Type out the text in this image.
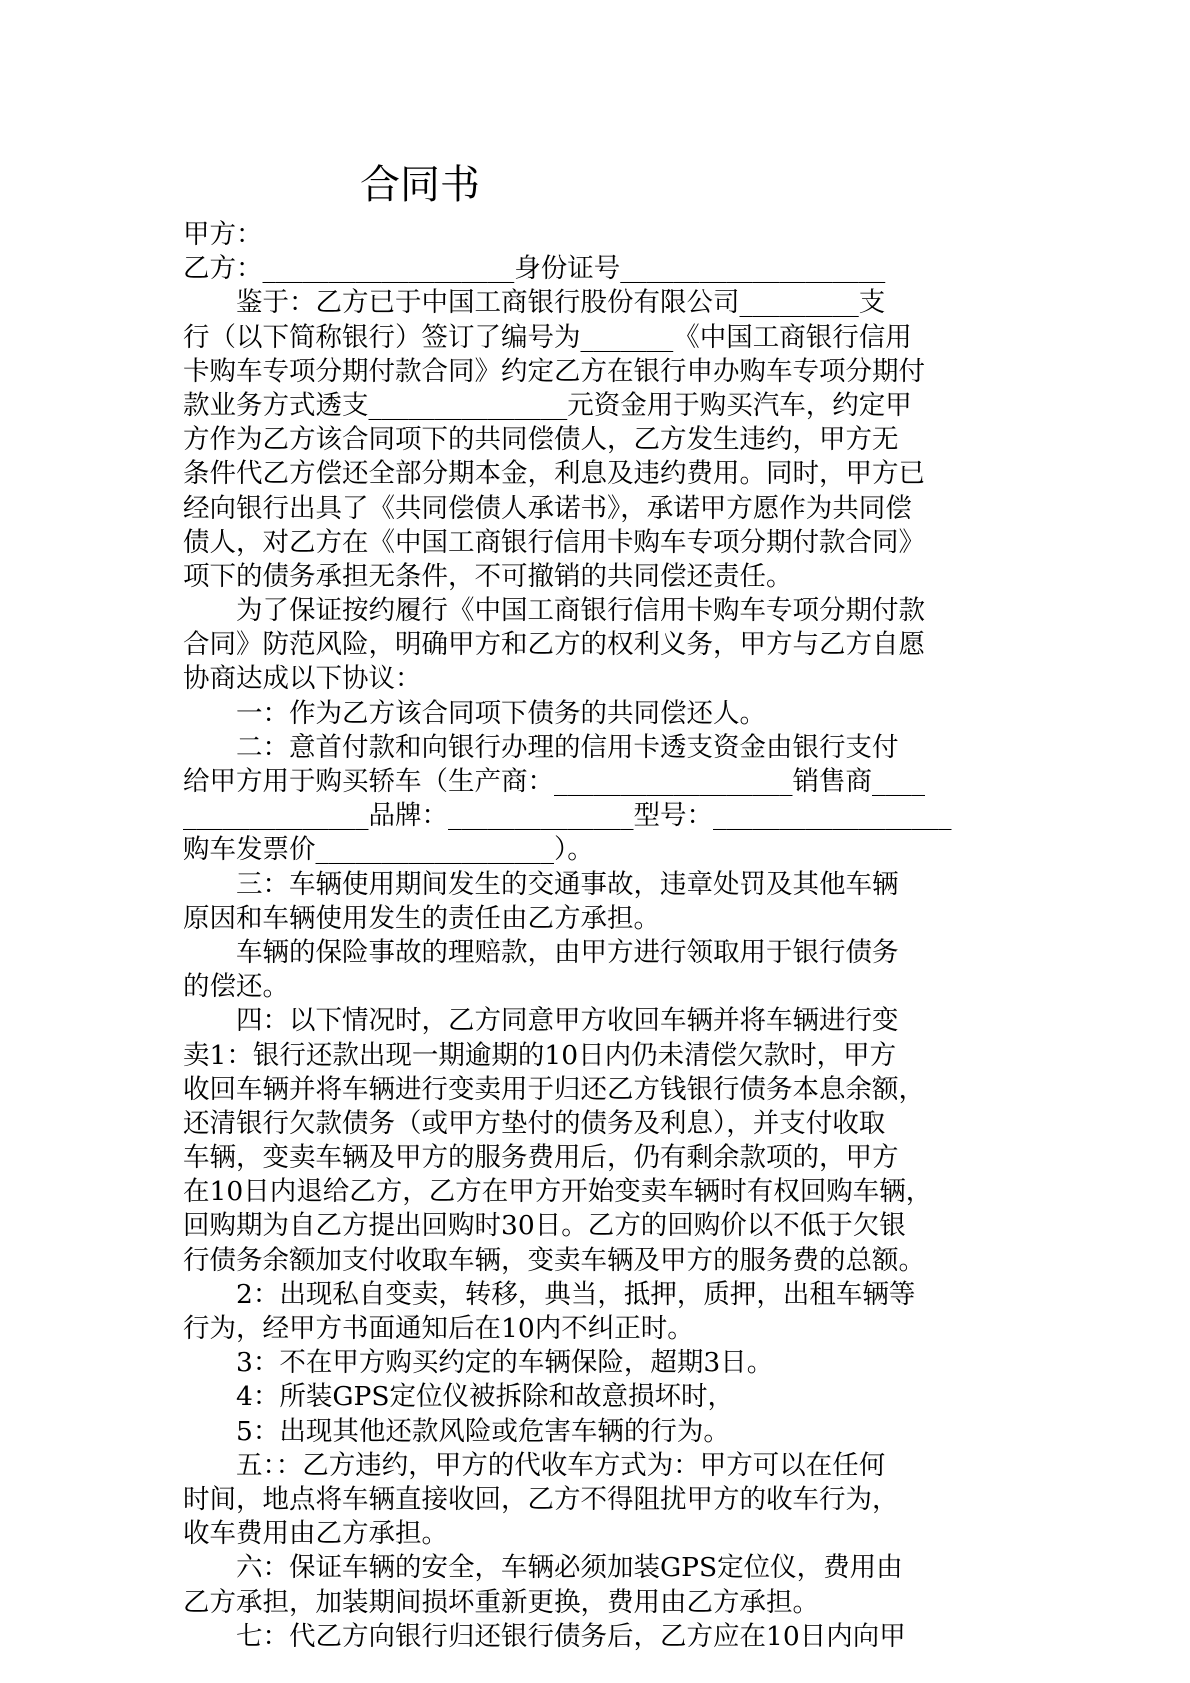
合同书
甲方：
乙方：___________________身份证号____________________
　　鉴于：乙方已于中国工商银行股份有限公司_________支
行（以下简称银行）签订了编号为_______《中国工商银行信用
卡购车专项分期付款合同》约定乙方在银行申办购车专项分期付
款业务方式透支_______________元资金用于购买汽车，约定甲
方作为乙方该合同项下的共同偿债人，乙方发生违约，甲方无
条件代乙方偿还全部分期本金，利息及违约费用。同时，甲方已
经向银行出具了《共同偿债人承诺书》，承诺甲方愿作为共同偿
债人，对乙方在《中国工商银行信用卡购车专项分期付款合同》
项下的债务承担无条件，不可撤销的共同偿还责任。
　　为了保证按约履行《中国工商银行信用卡购车专项分期付款
合同》防范风险，明确甲方和乙方的权利义务，甲方与乙方自愿
协商达成以下协议：
　　一：作为乙方该合同项下债务的共同偿还人。
　　二：意首付款和向银行办理的信用卡透支资金由银行支付
给甲方用于购买轿车（生产商：__________________销售商____
______________品牌：______________型号：__________________
购车发票价__________________）。
　　三：车辆使用期间发生的交通事故，违章处罚及其他车辆
原因和车辆使用发生的责任由乙方承担。
　　车辆的保险事故的理赔款，由甲方进行领取用于银行债务
的偿还。
　　四：以下情况时，乙方同意甲方收回车辆并将车辆进行变
卖1：银行还款出现一期逾期的10日内仍未清偿欠款时，甲方
收回车辆并将车辆进行变卖用于归还乙方钱银行债务本息余额，
还清银行欠款债务（或甲方垫付的债务及利息），并支付收取
车辆，变卖车辆及甲方的服务费用后，仍有剩余款项的，甲方
在10日内退给乙方，乙方在甲方开始变卖车辆时有权回购车辆，
回购期为自乙方提出回购时30日。乙方的回购价以不低于欠银
行债务余额加支付收取车辆，变卖车辆及甲方的服务费的总额。
　　2：出现私自变卖，转移，典当，抵押，质押，出租车辆等
行为，经甲方书面通知后在10内不纠正时。
　　3：不在甲方购买约定的车辆保险，超期3日。
　　4：所装GPS定位仪被拆除和故意损坏时，
　　5：出现其他还款风险或危害车辆的行为。
　　五：：乙方违约，甲方的代收车方式为：甲方可以在任何
时间，地点将车辆直接收回，乙方不得阻扰甲方的收车行为，
收车费用由乙方承担。
　　六：保证车辆的安全，车辆必须加装GPS定位仪，费用由
乙方承担，加装期间损坏重新更换，费用由乙方承担。
　　七：代乙方向银行归还银行债务后，乙方应在10日内向甲
